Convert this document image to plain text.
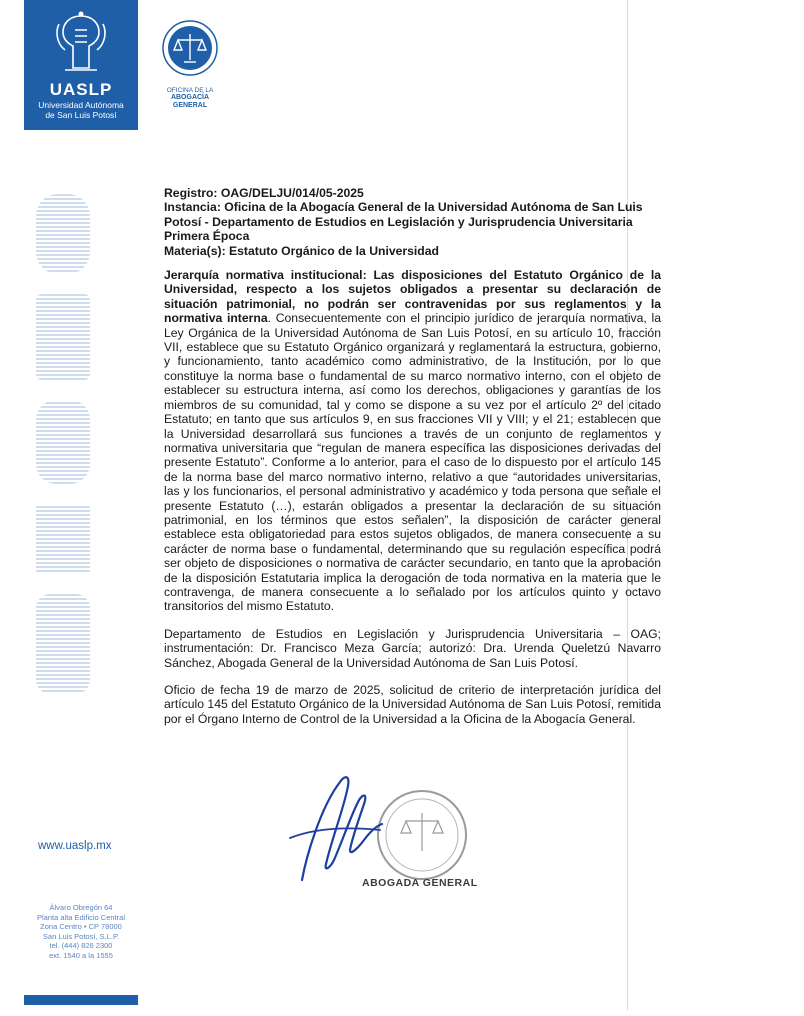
UASLP
Universidad Autónoma
de San Luis Potosí
OFICINA DE LA
ABOGACÍA
GENERAL
www.uaslp.mx
Álvaro Obregón 64
Planta alta Edificio Central
Zona Centro • CP 78000
San Luis Potosí, S.L.P.
tel. (444) 826 2300
ext. 1540 a la 1555
Registro: OAG/DELJU/014/05-2025
Instancia: Oficina de la Abogacía General de la Universidad Autónoma de San Luis Potosí - Departamento de Estudios en Legislación y Jurisprudencia Universitaria
Primera Época
Materia(s): Estatuto Orgánico de la Universidad
Jerarquía normativa institucional: Las disposiciones del Estatuto Orgánico de la Universidad, respecto a los sujetos obligados a presentar su declaración de situación patrimonial, no podrán ser contravenidas por sus reglamentos y la normativa interna. Consecuentemente con el principio jurídico de jerarquía normativa, la Ley Orgánica de la Universidad Autónoma de San Luis Potosí, en su artículo 10, fracción VII, establece que su Estatuto Orgánico organizará y reglamentará la estructura, gobierno, y funcionamiento, tanto académico como administrativo, de la Institución, por lo que constituye la norma base o fundamental de su marco normativo interno, con el objeto de establecer su estructura interna, así como los derechos, obligaciones y garantías de los miembros de su comunidad, tal y como se dispone a su vez por el artículo 2º del citado Estatuto; en tanto que sus artículos 9, en sus fracciones VII y VIII; y el 21; establecen que la Universidad desarrollará sus funciones a través de un conjunto de reglamentos y normativa universitaria que “regulan de manera específica las disposiciones derivadas del presente Estatuto”. Conforme a lo anterior, para el caso de lo dispuesto por el artículo 145 de la norma base del marco normativo interno, relativo a que “autoridades universitarias, las y los funcionarios, el personal administrativo y académico y toda persona que señale el presente Estatuto (…), estarán obligados a presentar la declaración de su situación patrimonial, en los términos que estos señalen”, la disposición de carácter general establece esta obligatoriedad para estos sujetos obligados, de manera consecuente a su carácter de norma base o fundamental, determinando que su regulación específica podrá ser objeto de disposiciones o normativa de carácter secundario, en tanto que la aprobación de la disposición Estatutaria implica la derogación de toda normativa en la materia que le contravenga, de manera consecuente a lo señalado por los artículos quinto y octavo transitorios del mismo Estatuto.
Departamento de Estudios en Legislación y Jurisprudencia Universitaria – OAG; instrumentación: Dr. Francisco Meza García; autorizó: Dra. Urenda Queletzú Navarro Sánchez, Abogada General de la Universidad Autónoma de San Luis Potosí.
Oficio de fecha 19 de marzo de 2025, solicitud de criterio de interpretación jurídica del artículo 145 del Estatuto Orgánico de la Universidad Autónoma de San Luis Potosí, remitida por el Órgano Interno de Control de la Universidad a la Oficina de la Abogacía General.
ABOGADA GENERAL
